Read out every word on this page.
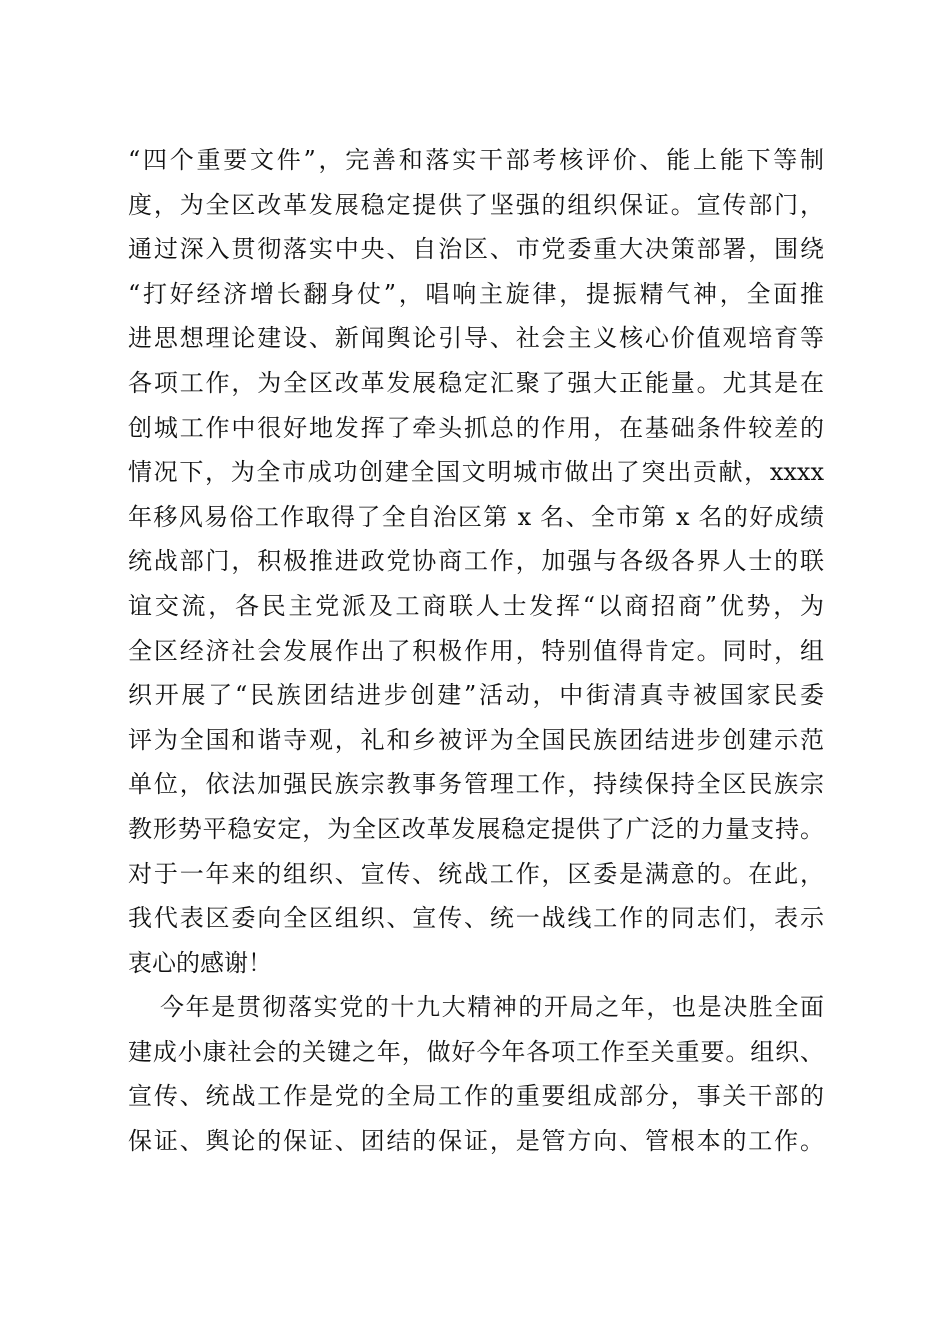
“四个重要文件”，完善和落实干部考核评价、能上能下等制
度，为全区改革发展稳定提供了坚强的组织保证。宣传部门，
通过深入贯彻落实中央、自治区、市党委重大决策部署，围绕
“打好经济增长翻身仗”，唱响主旋律，提振精气神，全面推
进思想理论建设、新闻舆论引导、社会主义核心价值观培育等
各项工作，为全区改革发展稳定汇聚了强大正能量。尤其是在
创城工作中很好地发挥了牵头抓总的作用，在基础条件较差的
情况下，为全市成功创建全国文明城市做出了突出贡献，xxxx
年移风易俗工作取得了全自治区第 x 名、全市第 x 名的好成绩
统战部门，积极推进政党协商工作，加强与各级各界人士的联
谊交流，各民主党派及工商联人士发挥“以商招商”优势，为
全区经济社会发展作出了积极作用，特别值得肯定。同时，组
织开展了“民族团结进步创建”活动，中街清真寺被国家民委
评为全国和谐寺观，礼和乡被评为全国民族团结进步创建示范
单位，依法加强民族宗教事务管理工作，持续保持全区民族宗
教形势平稳安定，为全区改革发展稳定提供了广泛的力量支持。
对于一年来的组织、宣传、统战工作，区委是满意的。在此，
我代表区委向全区组织、宣传、统一战线工作的同志们，表示
衷心的感谢！
今年是贯彻落实党的十九大精神的开局之年，也是决胜全面
建成小康社会的关键之年，做好今年各项工作至关重要。组织、
宣传、统战工作是党的全局工作的重要组成部分，事关干部的
保证、舆论的保证、团结的保证，是管方向、管根本的工作。
